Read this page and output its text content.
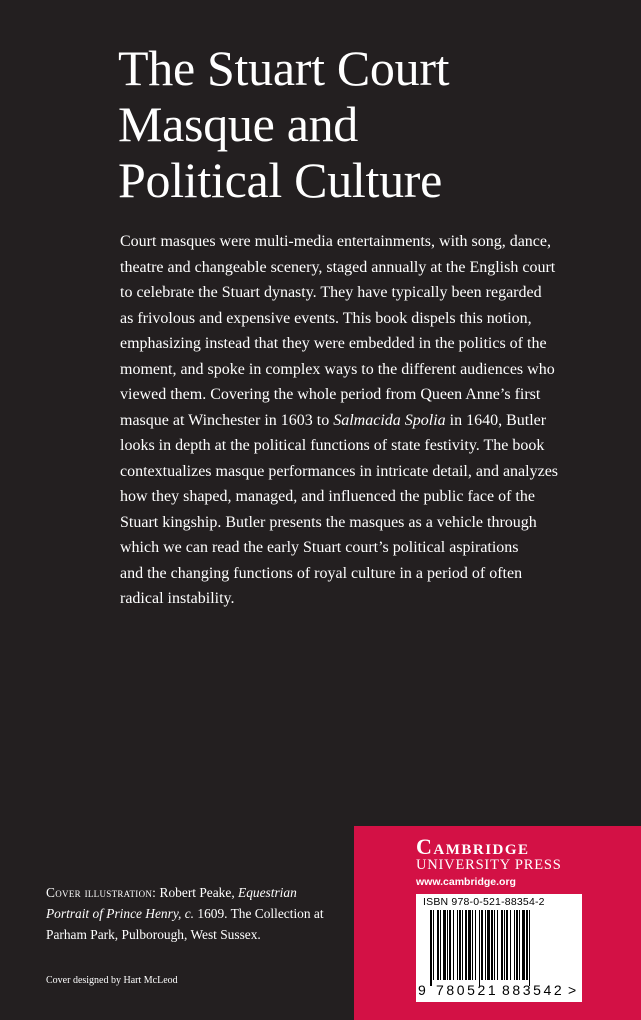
The Stuart Court
Masque and
Political Culture
Court masques were multi-media entertainments, with song, dance,
theatre and changeable scenery, staged annually at the English court
to celebrate the Stuart dynasty. They have typically been regarded
as frivolous and expensive events. This book dispels this notion,
emphasizing instead that they were embedded in the politics of the
moment, and spoke in complex ways to the different audiences who
viewed them. Covering the whole period from Queen Anne’s first
masque at Winchester in 1603 to Salmacida Spolia in 1640, Butler
looks in depth at the political functions of state festivity. The book
contextualizes masque performances in intricate detail, and analyzes
how they shaped, managed, and influenced the public face of the
Stuart kingship. Butler presents the masques as a vehicle through
which we can read the early Stuart court’s political aspirations
and the changing functions of royal culture in a period of often
radical instability.
Cover illustration: Robert Peake, Equestrian
Portrait of Prince Henry, c. 1609. The Collection at
Parham Park, Pulborough, West Sussex.
Cover designed by Hart McLeod
Cambridge
UNIVERSITY PRESS
www.cambridge.org
ISBN 978-0-521-88354-2
9 780521 883542 >
